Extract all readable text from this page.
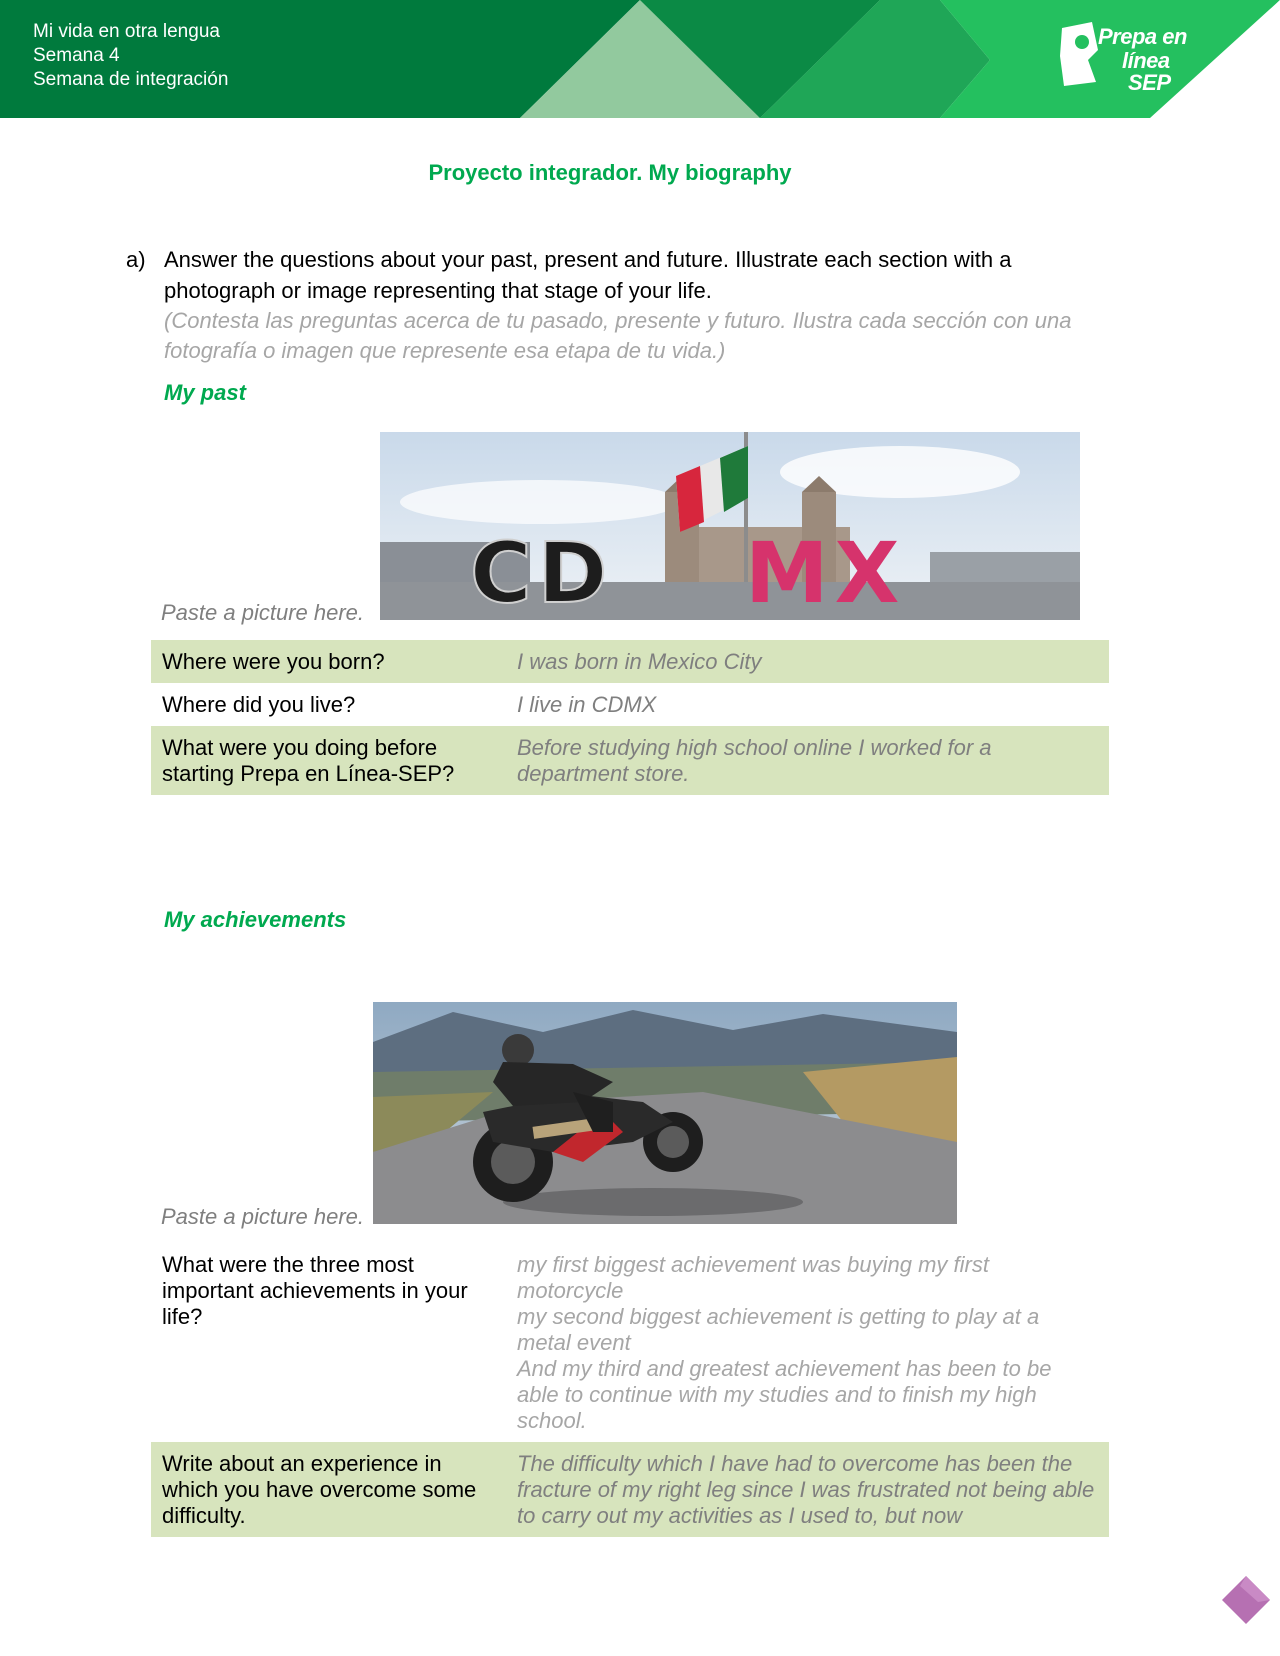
Mi vida en otra lengua
Semana 4
Semana de integración
Prepa en
línea
SEP
Proyecto integrador. My biography
a) Answer the questions about your past, present and future. Illustrate each section with a photograph or image representing that stage of your life.
(Contesta las preguntas acerca de tu pasado, presente y futuro. Ilustra cada sección con una fotografía o imagen que represente esa etapa de tu vida.)
My past
CD MX
Paste a picture here.
Where were you born?	I was born in Mexico City
Where did you live?	I live in CDMX
What were you doing before starting Prepa en Línea-SEP?	Before studying high school online I worked for a department store.
My achievements
Paste a picture here.
What were the three most important achievements in your life?	my first biggest achievement was buying my first motorcycle
my second biggest achievement is getting to play at a metal event
And my third and greatest achievement has been to be able to continue with my studies and to finish my high school.

Write about an experience in which you have overcome some difficulty.	The difficulty which I have had to overcome has been the fracture of my right leg since I was frustrated not being able to carry out my activities as I used to, but now
